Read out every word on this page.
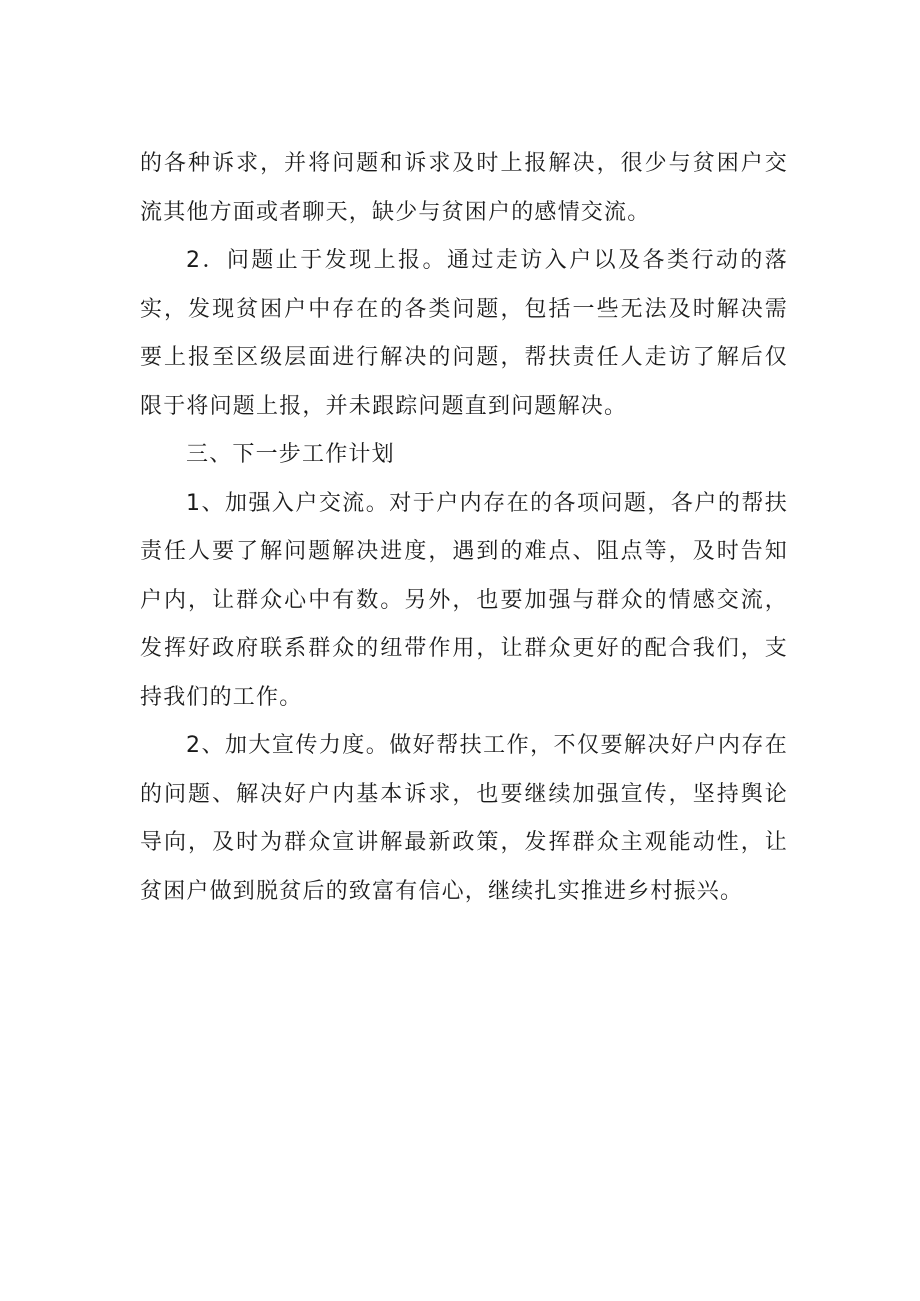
的各种诉求，并将问题和诉求及时上报解决，很少与贫困户交流其他方面或者聊天，缺少与贫困户的感情交流。

2．问题止于发现上报。通过走访入户以及各类行动的落实，发现贫困户中存在的各类问题，包括一些无法及时解决需要上报至区级层面进行解决的问题，帮扶责任人走访了解后仅限于将问题上报，并未跟踪问题直到问题解决。

三、下一步工作计划

1、加强入户交流。对于户内存在的各项问题，各户的帮扶责任人要了解问题解决进度，遇到的难点、阻点等，及时告知户内，让群众心中有数。另外，也要加强与群众的情感交流，发挥好政府联系群众的纽带作用，让群众更好的配合我们，支持我们的工作。

2、加大宣传力度。做好帮扶工作，不仅要解决好户内存在的问题、解决好户内基本诉求，也要继续加强宣传，坚持舆论导向，及时为群众宣讲解最新政策，发挥群众主观能动性，让贫困户做到脱贫后的致富有信心，继续扎实推进乡村振兴。
